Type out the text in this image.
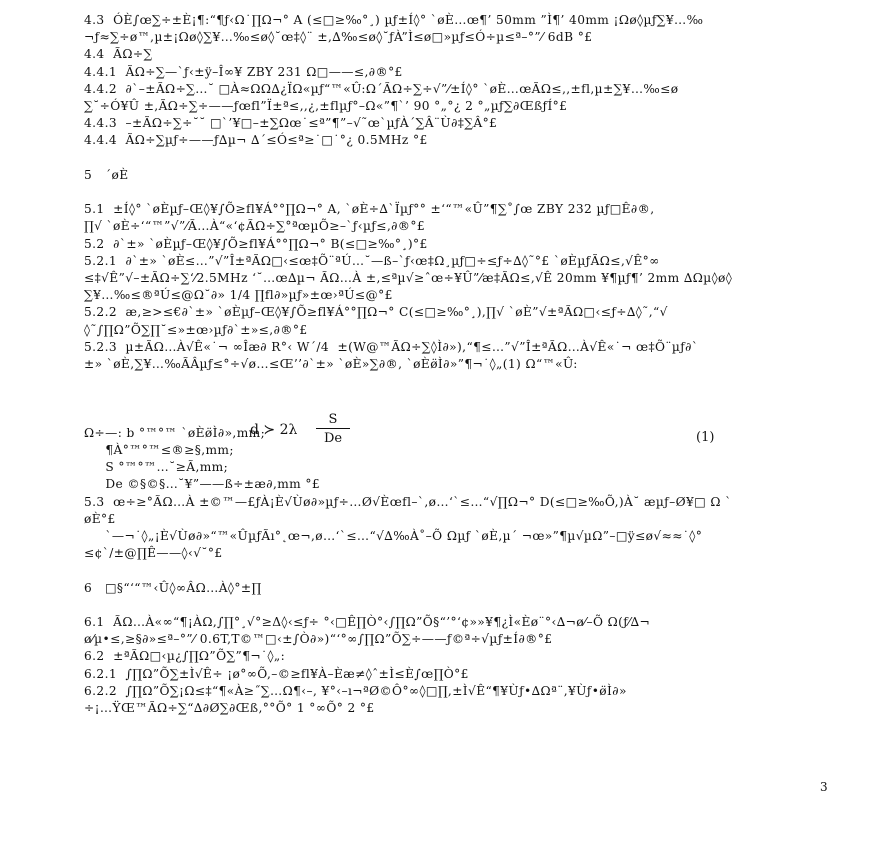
4.3  ÓÈ∫œ∑÷±È¡¶:“¶ƒ‹Ω˙∏Ω¬° A (≤□≥‰°¸) µƒ±Í◊° `øÈ…œ¶’ 50mm ”Ì¶’ 40mm ¡Ωø◊µƒ∑¥…‰
¬ƒ≈∑÷ø™,µ±¡Ωø◊∑¥…‰≤ø◊˘œ‡◊¨ ±,∆‰≤ø◊˘ƒÀ”Ì≤ø□»µƒ≤Ó÷µ≤ª–°”⁄ 6dB °£
4.4  ÃΩ÷∑
4.4.1  ÃΩ÷∑—`ƒ‹±ÿ–Î∞¥ ZBY 231 Ω□——≤,∂®°£
4.4.2  ∂`–±ÃΩ÷∑…˘ □À≈ΩΩ∆¿ÏΩ«µƒ“™«Û:Ω´ÃΩ÷∑÷√”⁄±Í◊° `øÈ…œÃΩ≤‚,±fl,µ±∑¥…‰≤ø
∑˘÷Ó¥Û ±,ÃΩ÷∑÷——ƒœfl”Ï±ª≤‚,¿,±flµƒ°–Ω«”¶`’ 90 °„°¿ 2 °„µƒ∑∂ŒßƒÍ°£
4.4.3  –±ÃΩ÷∑÷˘˘ □`’¥□–±∑Ωœ˙≤ª”¶”–√˜œ`µƒÀ´∑Â¨Ù∂‡∑Â°£
4.4.4  ÃΩ÷∑µƒ÷——ƒ∆µ¬ ∆´≤Ó≤ª≥˙□˙°¿ 0.5MHz °£
5   ´øÈ
5.1  ±Í◊° `øÈµƒ–Œ◊¥∫Õ≥fl¥Á°°∏Ω¬° A, `øÈ÷∆`Ïµƒ°° ±‘“™«Û”¶∑˚∫œ ZBY 232 µƒ□Ê∂®,
∏√ `øÈ÷‘“™”√”⁄Ã…À“«‘¢ÃΩ÷∑°ªœµÕ≥–`ƒ‹µƒ≤‚∂®°£
5.2  ∂`±» `øÈµƒ–Œ◊¥∫Õ≥fl¥Á°°∏Ω¬° B(≤□≥‰°¸)°£
5.2.1  ∂`±» `øÈ≤…”√”Î±ªÃΩ□‹≤œ‡Õ¨ªÚ…˘—ß–`ƒ‹œ‡Ω¸µƒ□÷≤ƒ÷∆◊˜°£ `øÈµƒÃΩ≤‚√Ê°∞
≤‡√Ê”√–±ÃΩ÷∑‘⁄2.5MHz ‘˘…œ∆µ¬ ÃΩ…À ±,≤ªµ√≥ˆœ÷¥Û”⁄æ‡ÃΩ≤‚√Ê 20mm ¥¶µƒ¶’ 2mm ∆Ωµ◊ø◊
∑¥…‰≤®ªÚ≤@Ω˘∂» 1/4 ∏fl∂»µƒ»±œ›ªÚ≤@°£
5.2.2  æ,≥>≤€∂`±» `øÈµƒ–Œ◊¥∫Õ≥fl¥Á°°∏Ω¬° C(≤□≥‰°¸),∏√ `øÈ”√±ªÃΩ□‹≤ƒ÷∆◊˜,“√
◊˜∫∏Ω”Õ∑∏˘≤»±œ›µƒ∂`±»≤,∂®°£
5.2.3  µ±ÃΩ…À√Ê«˙¬ ∞Îæ∂ R°‹ W´/4  ±(W@™ÃΩ÷∑◊Ì∂»),“¶≤…”√”Î±ªÃΩ…À√Ê«˙¬ œ‡Õ¨µƒ∂`
±» `øÈ,∑¥…‰ÃÂµƒ≤°÷√ø…≤Œ’’∂`±» `øÈ»∑∂®, `øÈø̈Ì∂»”¶¬˙◊„(1) Ω“™«Û:
Ω÷—: b °™°™ `øÈø̈Ì∂»,mm;
¶À°™°™≤®≥§,mm;
S °™°™…˘≥Ã,mm;
De ©§©§…˘¥”——ß÷±æ∂,mm °£
5.3  œ÷≥°ÃΩ…À ±©™—£ƒÀ¡È√Ùø∂»µƒ÷…Ø√Èœfl–`,ø…‘`≤…“√∏Ω¬° D(≤□≥‰Õ,)À˘ æµƒ–Ø¥□ Ω `
øÈ°£
`—¬˙◊„¡È√Ùø∂»“™«ÛµƒÃı°˛œ¬,ø…‘`≤…“√∆‰À˚–Õ Ωµƒ `øÈ,µ´ ¬œ»”¶µ√µΩ”–□ÿ≤ø√≈≈˙◊°
≤¢`/±@∏Ê——◊‹√˘°£
6   □§“‘“™‹Û◊∞ÂΩ…À◊°±∏
6.1  ÃΩ…À«∞“¶¡ÀΩ,∫∏°¸√°≥Δ◊‹≤ƒ÷ °‹□Ê∏Ò°‹∫∏Ω”Õ§“’°‘¢»»¥¶¿Ì«Èø¨°‹∆¬ø⁄–Õ Ω(ƒ⁄∆¬
ø⁄µ•≤,≥§∂»≤ª–°”⁄ 0.6T,T©™□‹±∫Ò∂»)“‘°∞∫∏Ω”Õ∑÷——ƒ©ª÷√µƒ±Í∂®°£
6.2  ±ªÃΩ□‹µ¿∫∏Ω”Õ∑”¶¬˙◊„:
6.2.1  ∫∏Ω”Õ∑±Ì√Ê÷ ¡ø°∞Õ,–©≥fl¥À–Èæ≠◊ˆ±Ì≤È∫œ∏Ò°£
6.2.2  ∫∏Ω”Õ∑¡Ω≤‡“¶«À≥˝∑…Ω¶‹–, ¥°‹–ı¬ªØ©Ô°∞◊□∏,±Ì√Ê“¶¥Ùƒ•∆Ωª¨,¥Ùƒ•ø̈Ì∂»
÷¡…ŸŒ™ÃΩ÷∑“∆∂Ø∑∂Œß,°°Õ° 1 °∞Õ° 2 °£
d ≻ $2\lambda \frac{S}{De}$	(1)
3
